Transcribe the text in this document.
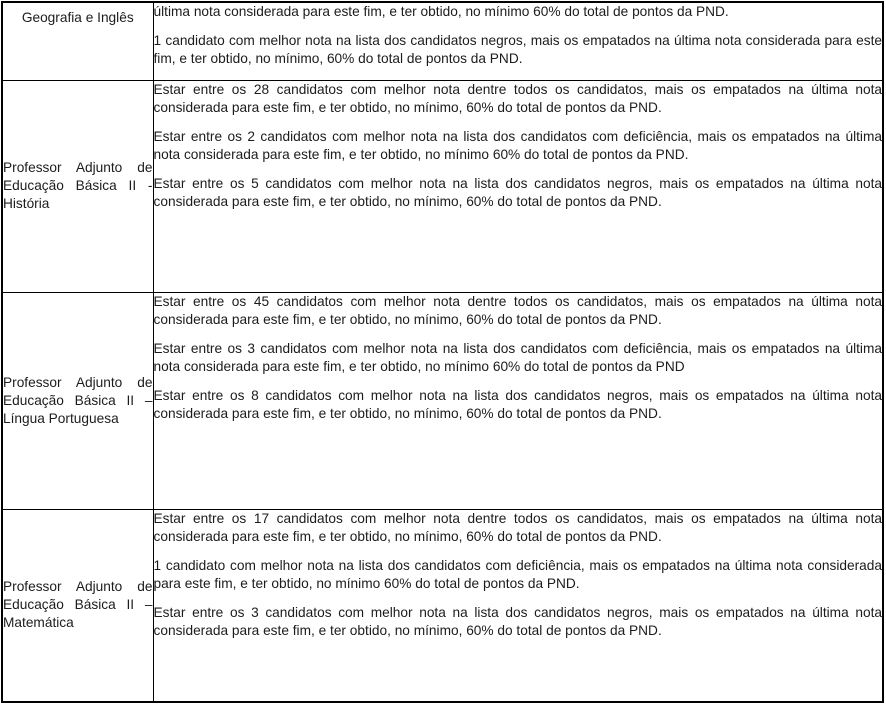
Geografia e Inglês	última nota considerada para este fim, e ter obtido, no mínimo 60% do total de pontos da PND.

1 candidato com melhor nota na lista dos candidatos negros, mais os empatados na última nota considerada para este fim, e ter obtido, no mínimo, 60% do total de pontos da PND.

Professor Adjunto de Educação Básica II - História	Estar entre os 28 candidatos com melhor nota dentre todos os candidatos, mais os empatados na última nota considerada para este fim, e ter obtido, no mínimo, 60% do total de pontos da PND.

Estar entre os 2 candidatos com melhor nota na lista dos candidatos com deficiência, mais os empatados na última nota considerada para este fim, e ter obtido, no mínimo 60% do total de pontos da PND.

Estar entre os 5 candidatos com melhor nota na lista dos candidatos negros, mais os empatados na última nota considerada para este fim, e ter obtido, no mínimo, 60% do total de pontos da PND.

Professor Adjunto de Educação Básica II – Língua Portuguesa	Estar entre os 45 candidatos com melhor nota dentre todos os candidatos, mais os empatados na última nota considerada para este fim, e ter obtido, no mínimo, 60% do total de pontos da PND.

Estar entre os 3 candidatos com melhor nota na lista dos candidatos com deficiência, mais os empatados na última nota considerada para este fim, e ter obtido, no mínimo 60% do total de pontos da PND

Estar entre os 8 candidatos com melhor nota na lista dos candidatos negros, mais os empatados na última nota considerada para este fim, e ter obtido, no mínimo, 60% do total de pontos da PND.

Professor Adjunto de Educação Básica II – Matemática	Estar entre os 17 candidatos com melhor nota dentre todos os candidatos, mais os empatados na última nota considerada para este fim, e ter obtido, no mínimo, 60% do total de pontos da PND.

1 candidato com melhor nota na lista dos candidatos com deficiência, mais os empatados na última nota considerada para este fim, e ter obtido, no mínimo 60% do total de pontos da PND.

Estar entre os 3 candidatos com melhor nota na lista dos candidatos negros, mais os empatados na última nota considerada para este fim, e ter obtido, no mínimo, 60% do total de pontos da PND.
